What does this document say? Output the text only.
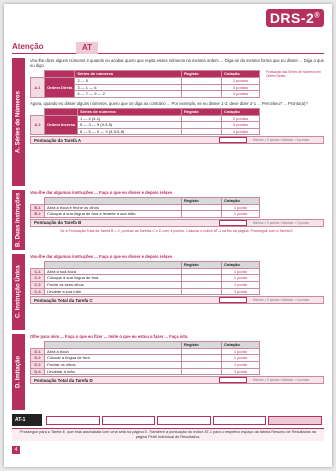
DRS-2®
Atenção	AT
A. Séries de Números
Vou-lhe dizer alguns números e quando eu acabar quero que repita esses números na mesma ordem ... Diga-os da mesma forma que eu disser ... Diga o que eu digo.
		Séries de números	Registo	Cotação
A.1	Ordem Direta	2 — 5		2 pontos
		3 — 1 — 6		3 pontos
		4 — 7 — 9 — 2		4 pontos
Pontuação das Séries de Números em Ordem Direta
Agora, quando eu disser alguns números, quero que os diga ao contrário ... Por exemplo, se eu disser 1-2, deve dizer 2-1 ... Percebeu? ... Pronto(a)?
		Séries de números	Registo	Cotação
A.2	Ordem Inversa	1 — 4 (4-1)		2 pontos
		5 — 3 — 9 (9-3-5)		3 pontos
		8 — 5 — 9 — 3 (3-9-5-8)		4 pontos
Pontuação da Tarefa A	Mínimo = 0 pontos / Máximo = 8 pontos
B. Duas Instruções
Vou-lhe dar algumas instruções ... Faça o que eu disser e depois relaxe.
		Registo	Cotação
B.1	Abra a boca e feche os olhos		1 ponto
B.2	Coloque a sua língua de fora e levante a sua mão		1 ponto
Pontuação da Tarefa B	Mínimo = 0 pontos / Máximo = 2 pontos
Se a Pontuação Total da Tarefa B = 2, pontuar as Tarefas C e D com 4 pontos. Calcular o índice AT-1 na fim da página. Prosseguir com a Tarefa E.
C. Instrução Única
Vou-lhe dar algumas instruções ... Faça o que eu disser e depois relaxe.
		Registo	Cotação
C.1	Abra a sua boca		1 ponto
C.2	Coloque a sua língua de fora		1 ponto
C.3	Feche os seus olhos		1 ponto
C.4	Levante a sua mão		1 ponto
Pontuação Total da Tarefa C	Mínimo = 0 pontos / Máximo = 4 pontos
D. Imitação
Olhe para mim ... Faça o que eu fizer ... Imite o que eu estou a fazer ... Faça isto.
		Registo	Cotação
D.1	Abra a boca		1 ponto
D.2	Colocar a língua de fora		1 ponto
D.3	Fechar os olhos		1 ponto
D.4	Levantar a mão		1 ponto
Pontuação Total da Tarefa D	Mínimo = 0 pontos / Máximo = 4 pontos
AT-1
Prosseguir para a Tarefa E, que está assinalada com uma seta na página 5. Transferir a pontuação do índice AT-1 para o respetivo espaço da tabela Resumo de Resultados na página Perfil Individual de Resultados.
4
